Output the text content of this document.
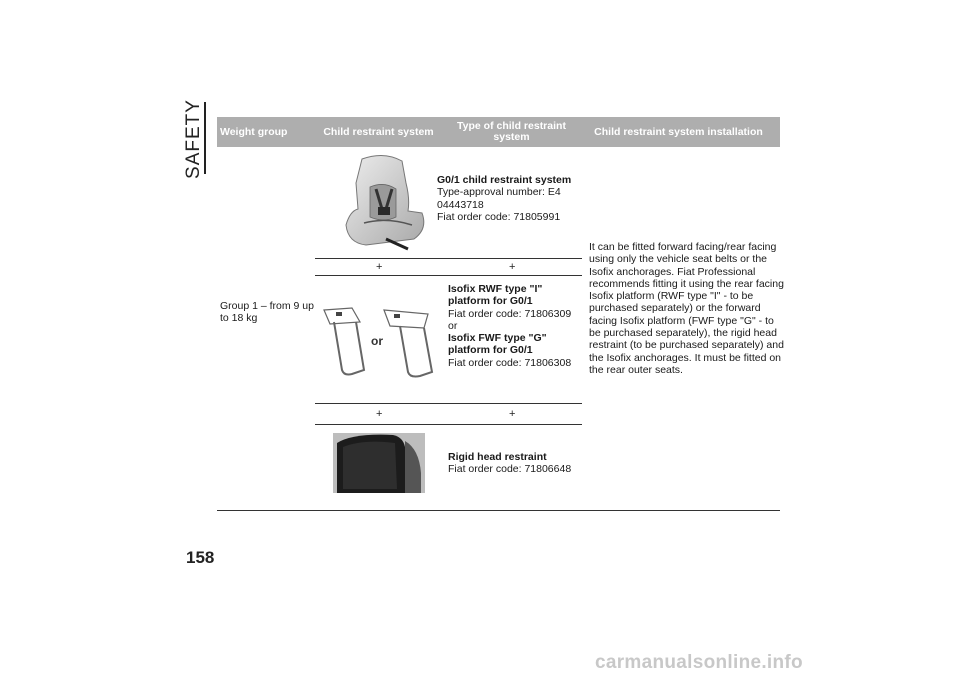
SAFETY Weight group	Child restraint system	Type of child restraint system	Child restraint system installation
Group 1 – from 9 up to 18 kg
G0/1 child restraint system
Type-approval number: E4 04443718
Fiat order code: 71805991
+	+
or
Isofix RWF type "I" platform for G0/1
Fiat order code: 71806309
or
Isofix FWF type "G" platform for G0/1
Fiat order code: 71806308
+	+
Rigid head restraint
Fiat order code: 71806648
It can be fitted forward facing/rear facing using only the vehicle seat belts or the Isofix anchorages. Fiat Professional recommends fitting it using the rear facing Isofix platform (RWF type "I" - to be purchased separately) or the forward facing Isofix platform (FWF type "G" - to be purchased separately), the rigid head restraint (to be purchased separately) and the Isofix anchorages. It must be fitted on the rear outer seats.
158
carmanualsonline.info
